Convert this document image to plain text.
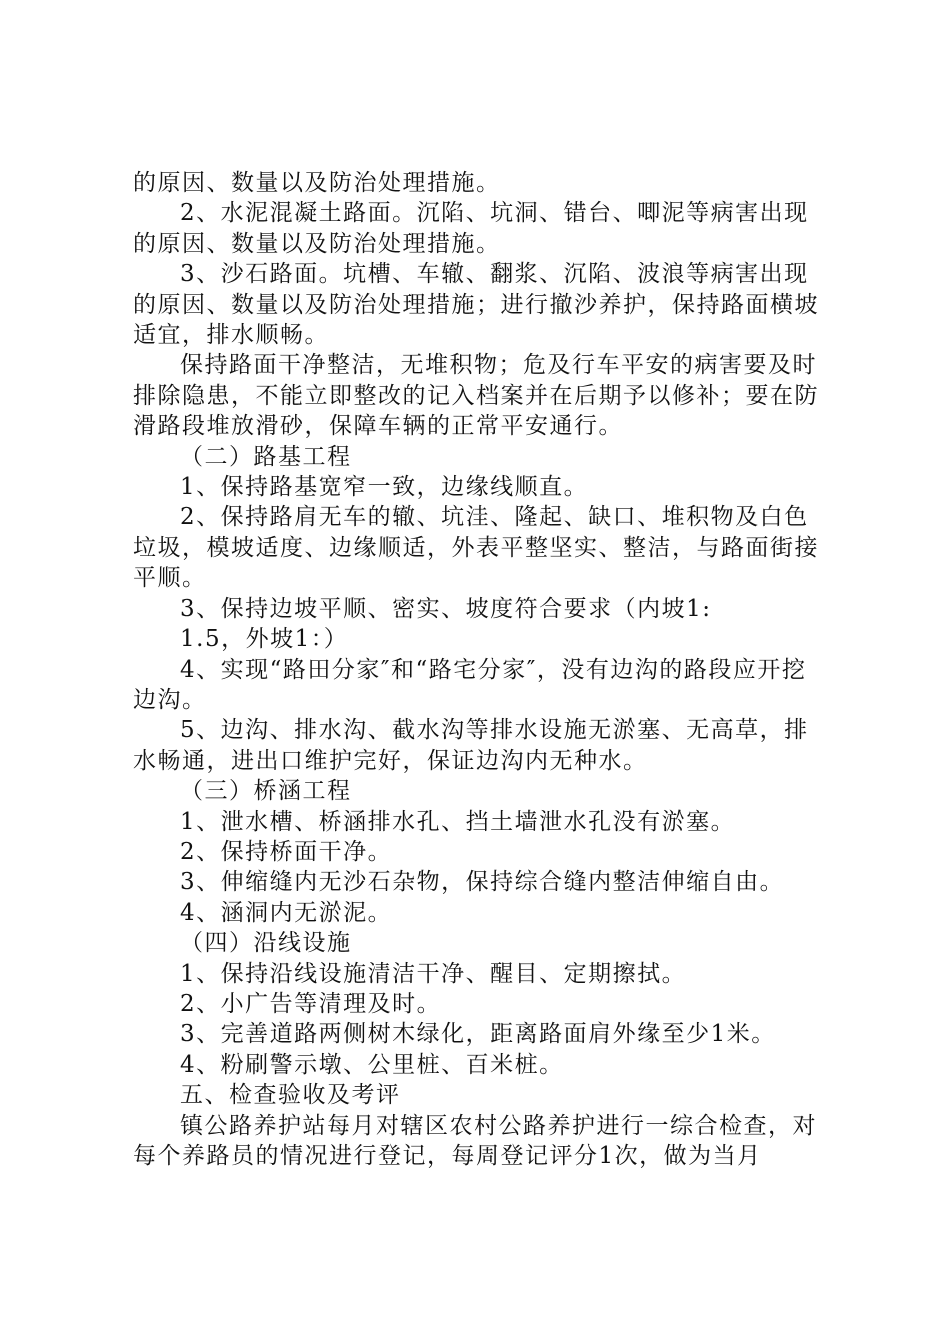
的原因、数量以及防治处理措施。

2、水泥混凝土路面。沉陷、坑洞、错台、唧泥等病害出现的原因、数量以及防治处理措施。

3、沙石路面。坑槽、车辙、翻浆、沉陷、波浪等病害出现的原因、数量以及防治处理措施；进行撤沙养护，保持路面横坡适宜，排水顺畅。

保持路面干净整洁，无堆积物；危及行车平安的病害要及时排除隐患，不能立即整改的记入档案并在后期予以修补；要在防滑路段堆放滑砂，保障车辆的正常平安通行。

（二）路基工程

1、保持路基宽窄一致，边缘线顺直。

2、保持路肩无车的辙、坑洼、隆起、缺口、堆积物及白色垃圾，模坡适度、边缘顺适，外表平整坚实、整洁，与路面街接平顺。

3、保持边坡平顺、密实、坡度符合要求（内坡1:

1.5，外坡1：）

4、实现“路田分家″和“路宅分家″，没有边沟的路段应开挖边沟。

5、边沟、排水沟、截水沟等排水设施无淤塞、无高草，排水畅通，进出口维护完好，保证边沟内无种水。

（三）桥涵工程

1、泄水槽、桥涵排水孔、挡土墙泄水孔没有淤塞。

2、保持桥面干净。

3、伸缩缝内无沙石杂物，保持综合缝内整洁伸缩自由。

4、涵洞内无淤泥。

（四）沿线设施

1、保持沿线设施清洁干净、醒目、定期擦拭。

2、小广告等清理及时。

3、完善道路两侧树木绿化，距离路面肩外缘至少1米。

4、粉刷警示墩、公里桩、百米桩。

五、检查验收及考评

镇公路养护站每月对辖区农村公路养护进行一综合检查，对每个养路员的情况进行登记，每周登记评分1次，做为当月
